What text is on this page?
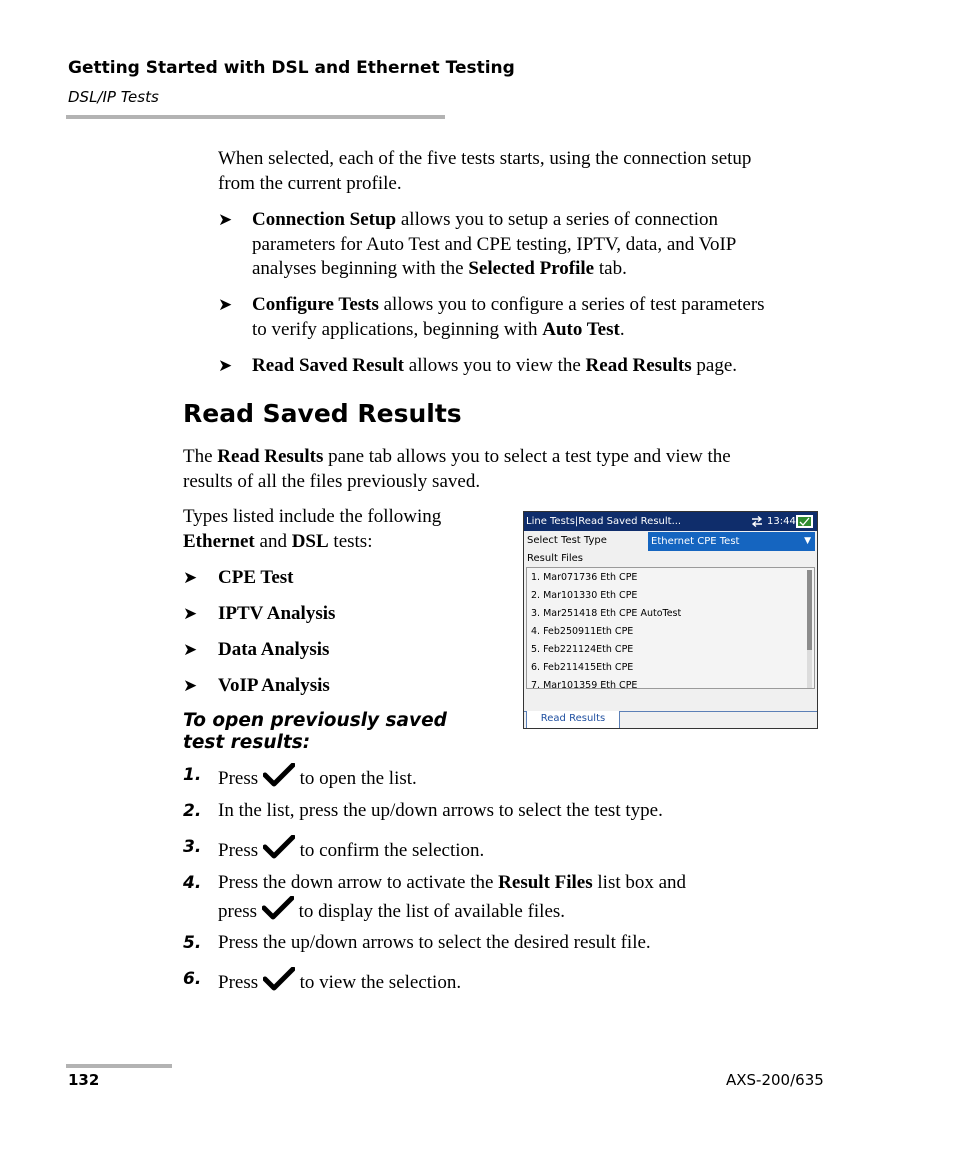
Getting Started with DSL and Ethernet Testing
DSL/IP Tests
When selected, each of the five tests starts, using the connection setup
from the current profile.
➤ Connection Setup allows you to setup a series of connection
parameters for Auto Test and CPE testing, IPTV, data, and VoIP
analyses beginning with the Selected Profile tab.
➤ Configure Tests allows you to configure a series of test parameters
to verify applications, beginning with Auto Test.
➤ Read Saved Result allows you to view the Read Results page.
Read Saved Results
The Read Results pane tab allows you to select a test type and view the
results of all the files previously saved.
Types listed include the following
Ethernet and DSL tests:
➤ CPE Test
➤ IPTV Analysis
➤ Data Analysis
➤ VoIP Analysis
To open previously saved test results:
1. Press  to open the list.
2. In the list, press the up/down arrows to select the test type.
3. Press  to confirm the selection.
4. Press the down arrow to activate the Result Files list box and
press  to display the list of available files.
5. Press the up/down arrows to select the desired result file.
6. Press  to view the selection.
Line Tests|Read Saved Result...	13:44
Select Test Type	Ethernet CPE Test	▼
Result Files
1. Mar071736 Eth CPE
2. Mar101330 Eth CPE
3. Mar251418 Eth CPE AutoTest
4. Feb250911Eth CPE
5. Feb221124Eth CPE
6. Feb211415Eth CPE
7. Mar101359 Eth CPE
Read Results
132	AXS-200/635
